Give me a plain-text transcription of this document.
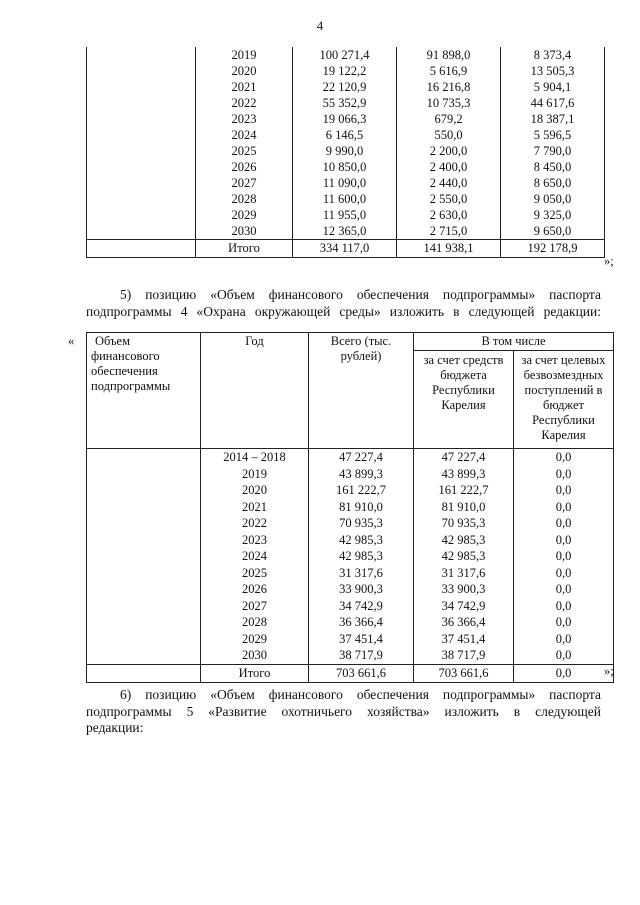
4
	2019	100 271,4	91 898,0	8 373,4
	2020	19 122,2	5 616,9	13 505,3
	2021	22 120,9	16 216,8	5 904,1
	2022	55 352,9	10 735,3	44 617,6
	2023	19 066,3	679,2	18 387,1
	2024	6 146,5	550,0	5 596,5
	2025	9 990,0	2 200,0	7 790,0
	2026	10 850,0	2 400,0	8 450,0
	2027	11 090,0	2 440,0	8 650,0
	2028	11 600,0	2 550,0	9 050,0
	2029	11 955,0	2 630,0	9 325,0
	2030	12 365,0	2 715,0	9 650,0
	Итого	334 117,0	141 938,1	192 178,9
»;
5) позицию «Объем финансового обеспечения подпрограммы» паспорта
подпрограммы 4 «Охрана окружающей среды» изложить в следующей редакции:
« Объем финансового обеспечения подпрограммы	Год	Всего (тыс. рублей)	В том числе	
			за счет средств бюджета Республики Карелия	за счет целевых безвозмездных поступлений в бюджет Республики Карелия
	2014 – 2018	47 227,4	47 227,4	0,0
	2019	43 899,3	43 899,3	0,0
	2020	161 222,7	161 222,7	0,0
	2021	81 910,0	81 910,0	0,0
	2022	70 935,3	70 935,3	0,0
	2023	42 985,3	42 985,3	0,0
	2024	42 985,3	42 985,3	0,0
	2025	31 317,6	31 317,6	0,0
	2026	33 900,3	33 900,3	0,0
	2027	34 742,9	34 742,9	0,0
	2028	36 366,4	36 366,4	0,0
	2029	37 451,4	37 451,4	0,0
	2030	38 717,9	38 717,9	0,0
	Итого	703 661,6	703 661,6	0,0	»;
6) позицию «Объем финансового обеспечения подпрограммы» паспорта
подпрограммы 5 «Развитие охотничьего хозяйства» изложить в следующей
редакции:
